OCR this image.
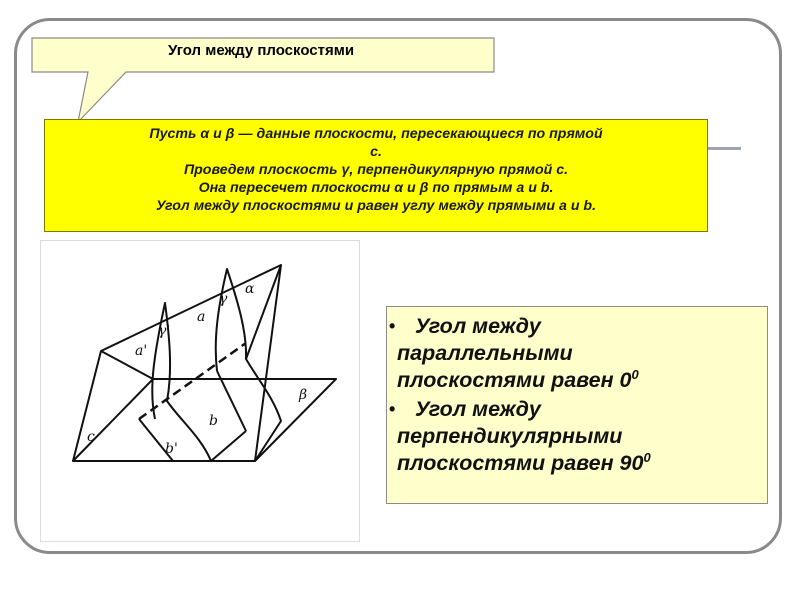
Угол между плоскостями
Пусть α и β — данные плоскости, пересекающиеся по прямой
с.
Проведем плоскость γ, перпендикулярную прямой с.
Она пересечет плоскости α и β по прямым a и b.
Угол между плоскостями и равен углу между прямыми a и b.
c
a'
γ'
a
γ
α
b
b'
β
• Угол между
параллельными
плоскостями равен $0^0$
• Угол между
перпендикулярными
плоскостями равен $90^0$
